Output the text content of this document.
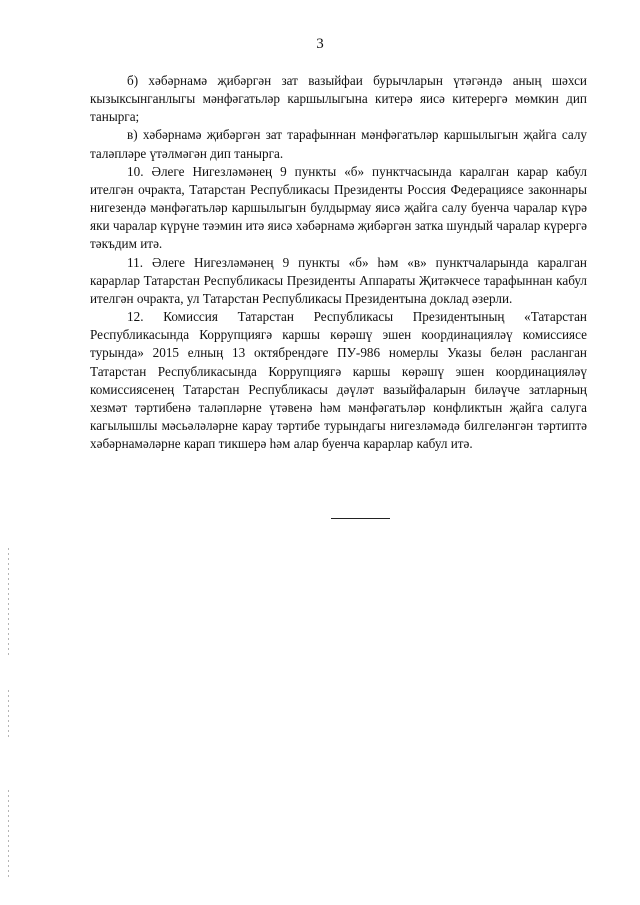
3

б) хәбәрнамә җибәргән зат вазыйфаи бурычларын үтәгәндә аның шәхси кызыксынганлыгы мәнфәгатьләр каршылыгына китерә яисә китерергә мөмкин дип таныргa;

в) хәбәрнамә җибәргән зат тарафыннан мәнфәгатьләр каршылыгын җайга салу таләпләре үтәлмәгән дип таныргa.

10. Әлеге Нигезләмәнең 9 пункты «б» пунктчасында каралган карар кабул ителгән очракта, Татарстан Республикасы Президенты Россия Федерациясе законнары нигезендә мәнфәгатьләр каршылыгын булдырмау яисә җайга салу буенча чаралар күрә яки чаралар күрүне тәэмин итә яисә хәбәрнамә җибәргән затка шундый чаралар күрергә тәкъдим итә.

11. Әлеге Нигезләмәнең 9 пункты «б» һәм «в» пунктчаларында каралган карарлар Татарстан Республикасы Президенты Аппараты Җитәкчесе тарафыннан кабул ителгән очракта, ул Татарстан Республикасы Президентына доклад әзерли.

12. Комиссия Татарстан Республикасы Президентының «Татарстан Республикасында Коррупциягә каршы көрәшү эшен координацияләү комиссиясе турында» 2015 елның 13 октябрендәге ПУ-986 номерлы Указы белән расланган Татарстан Республикасында Коррупциягә каршы көрәшү эшен координацияләү комиссиясенең Татарстан Республикасы дәүләт вазыйфаларын биләүче затларның хезмәт тәртибенә таләпләрне үтәвенә һәм мәнфәгатьләр конфликтын җайга салуга кагылышлы мәсьәләләрне карау тәртибе турындагы нигезләмәдә билгеләнгән тәртиптә хәбәрнамәләрне карап тикшерә һәм алар буенча карарлар кабул итә.
